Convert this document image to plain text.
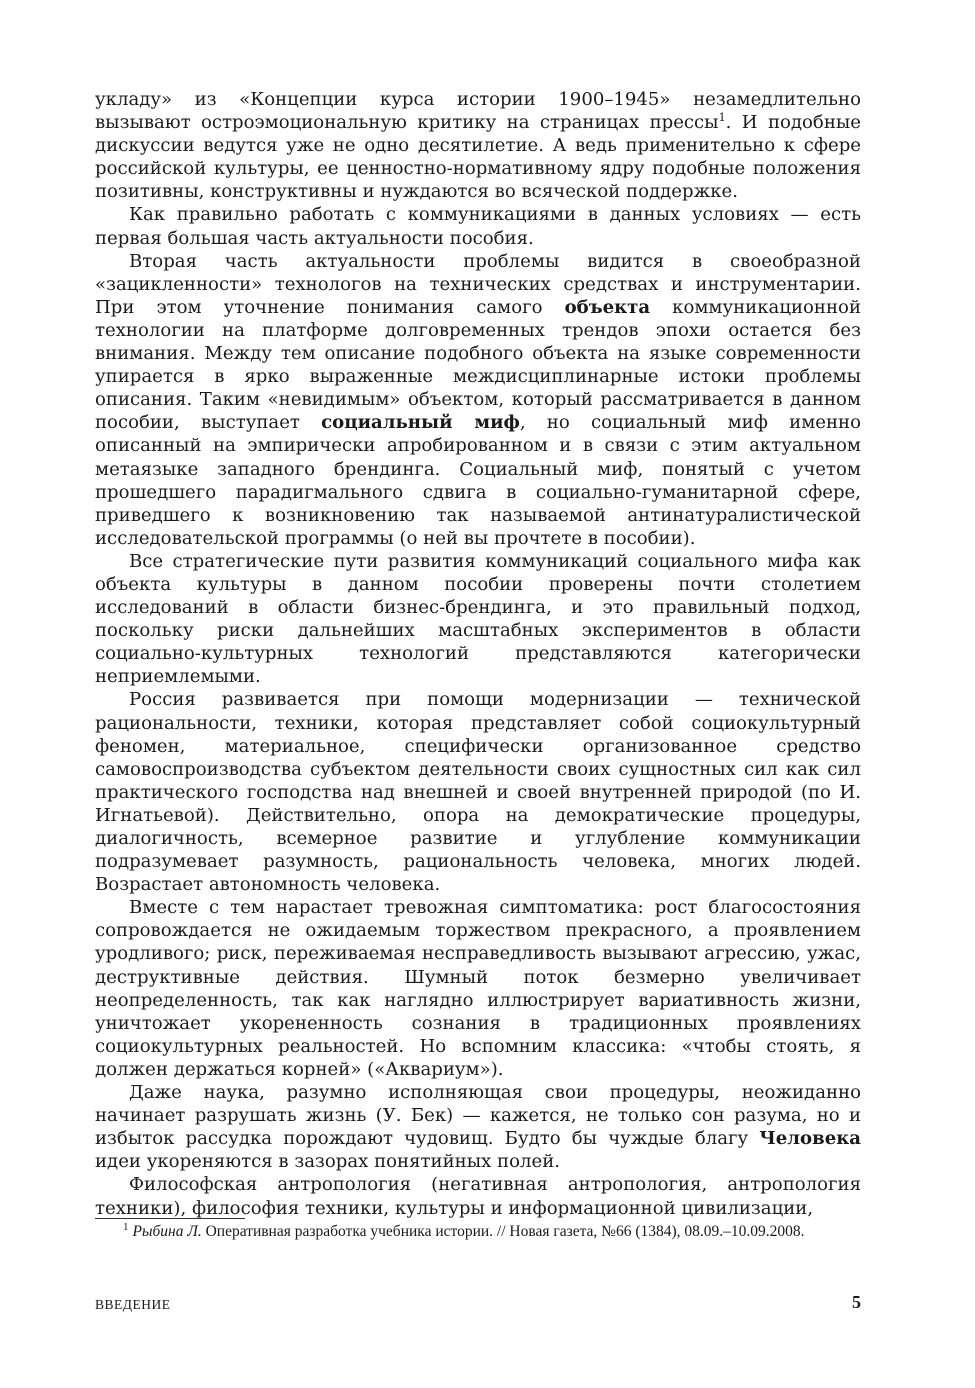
укладу» из «Концепции курса истории 1900–1945» незамедлительно вызывают остроэмоциональную критику на страницах прессы$^1$. И подобные дискуссии ведутся уже не одно десятилетие. А ведь применительно к сфере российской культуры, ее ценностно-нормативному ядру подобные положения позитивны, конструктивны и нуждаются во всяческой поддержке.

Как правильно работать с коммуникациями в данных условиях — есть первая большая часть актуальности пособия.

Вторая часть актуальности проблемы видится в своеобразной «зацикленности» технологов на технических средствах и инструментарии. При этом уточнение понимания самого объекта коммуникационной технологии на платформе долговременных трендов эпохи остается без внимания. Между тем описание подобного объекта на языке современности упирается в ярко выраженные междисциплинарные истоки проблемы описания. Таким «невидимым» объектом, который рассматривается в данном пособии, выступает социальный миф, но социальный миф именно описанный на эмпирически апробированном и в связи с этим актуальном метаязыке западного брендинга. Социальный миф, понятый с учетом прошедшего парадигмального сдвига в социально-гуманитарной сфере, приведшего к возникновению так называемой антинатуралистической исследовательской программы (о ней вы прочтете в пособии).

Все стратегические пути развития коммуникаций социального мифа как объекта культуры в данном пособии проверены почти столетием исследований в области бизнес-брендинга, и это правильный подход, поскольку риски дальнейших масштабных экспериментов в области социально-культурных технологий представляются категорически неприемлемыми.

Россия развивается при помощи модернизации — технической рациональности, техники, которая представляет собой социокультурный феномен, материальное, специфически организованное средство самовоспроизводства субъектом деятельности своих сущностных сил как сил практического господства над внешней и своей внутренней природой (по И. Игнатьевой). Действительно, опора на демократические процедуры, диалогичность, всемерное развитие и углубление коммуникации подразумевает разумность, рациональность человека, многих людей. Возрастает автономность человека.

Вместе с тем нарастает тревожная симптоматика: рост благосостояния сопровождается не ожидаемым торжеством прекрасного, а проявлением уродливого; риск, переживаемая несправедливость вызывают агрессию, ужас, деструктивные действия. Шумный поток безмерно увеличивает неопределенность, так как наглядно иллюстрирует вариативность жизни, уничтожает укорененность сознания в традиционных проявлениях социокультурных реальностей. Но вспомним классика: «чтобы стоять, я должен держаться корней» («Аквариум»).

Даже наука, разумно исполняющая свои процедуры, неожиданно начинает разрушать жизнь (У. Бек) — кажется, не только сон разума, но и избыток рассудка порождают чудовищ. Будто бы чуждые благу Человека идеи укореняются в зазорах понятийных полей.

Философская антропология (негативная антропология, антропология техники), философия техники, культуры и информационной цивилизации,

$^1$ Рыбина Л. Оперативная разработка учебника истории. // Новая газета, №66 (1384), 08.09.–10.09.2008.
ВВЕДЕНИЕ	5
